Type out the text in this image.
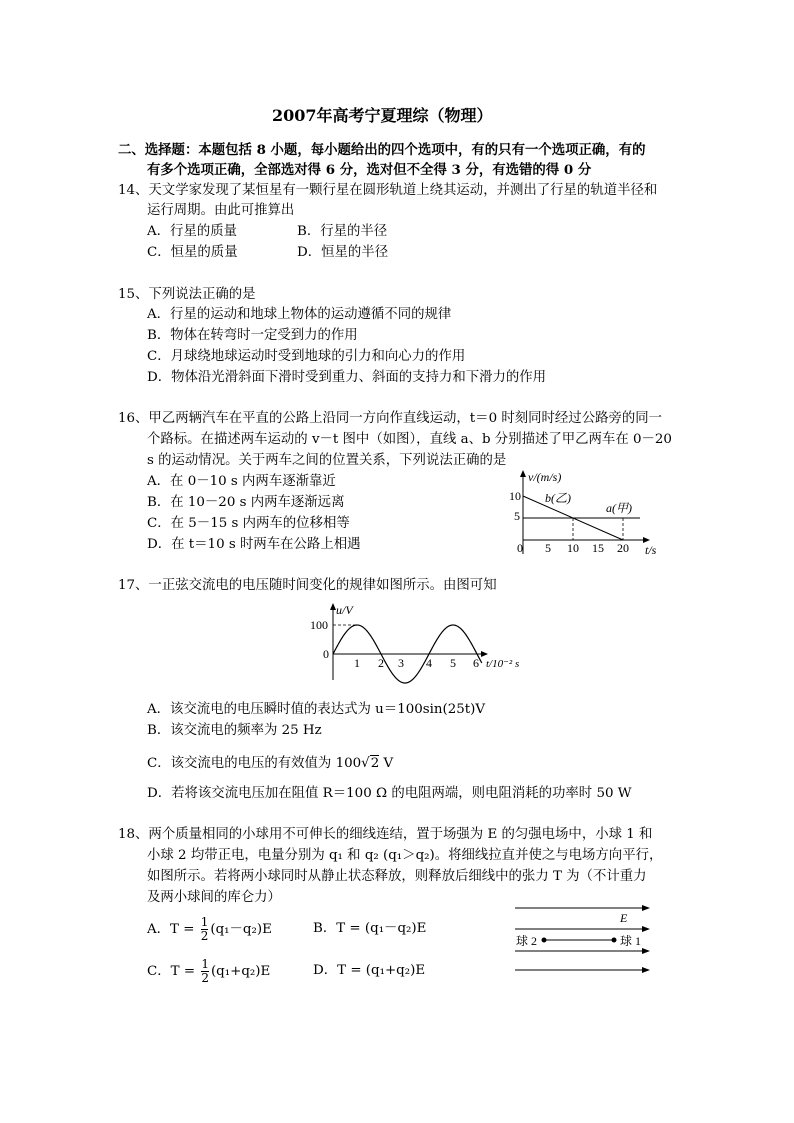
2007年高考宁夏理综（物理）
二、选择题：本题包括 8 小题，每小题给出的四个选项中，有的只有一个选项正确，有的
有多个选项正确，全部选对得 6 分，选对但不全得 3 分，有选错的得 0 分
14、天文学家发现了某恒星有一颗行星在圆形轨道上绕其运动，并测出了行星的轨道半径和
运行周期。由此可推算出
A．行星的质量	B．行星的半径
C．恒星的质量	D．恒星的半径
15、下列说法正确的是
A．行星的运动和地球上物体的运动遵循不同的规律
B．物体在转弯时一定受到力的作用
C．月球绕地球运动时受到地球的引力和向心力的作用
D．物体沿光滑斜面下滑时受到重力、斜面的支持力和下滑力的作用
16、甲乙两辆汽车在平直的公路上沿同一方向作直线运动，t＝0 时刻同时经过公路旁的同一
个路标。在描述两车运动的 v－t 图中（如图），直线 a、b 分别描述了甲乙两车在 0－20
s 的运动情况。关于两车之间的位置关系，下列说法正确的是
A．在 0－10 s 内两车逐渐靠近
B．在 10－20 s 内两车逐渐远离
C．在 5－15 s 内两车的位移相等
D．在 t＝10 s 时两车在公路上相遇
v/(m/s)
10
5
b(乙)
a(甲)
0 5 10 15 20 t/s
17、一正弦交流电的电压随时间变化的规律如图所示。由图可知
u/V
100
0
1 2 3 4 5 6 t/10⁻² s
A．该交流电的电压瞬时值的表达式为 u＝100sin(25t)V
B．该交流电的频率为 25 Hz
C．该交流电的电压的有效值为 100√2 V
D．若将该交流电压加在阻值 R＝100 Ω 的电阻两端，则电阻消耗的功率时 50 W
18、两个质量相同的小球用不可伸长的细线连结，置于场强为 E 的匀强电场中，小球 1 和
小球 2 均带正电，电量分别为 q₁ 和 q₂ (q₁＞q₂)。将细线拉直并使之与电场方向平行，
如图所示。若将两小球同时从静止状态释放，则释放后细线中的张力 T 为（不计重力
及两小球间的库仑力）
A．$T = \frac{1}{2} (q_1-q_2)E$	B．T = (q₁－q₂)E
C．$T = \frac{1}{2} (q_1+q_2)E$	D．T = (q₁+q₂)E
E
球 2	球 1
